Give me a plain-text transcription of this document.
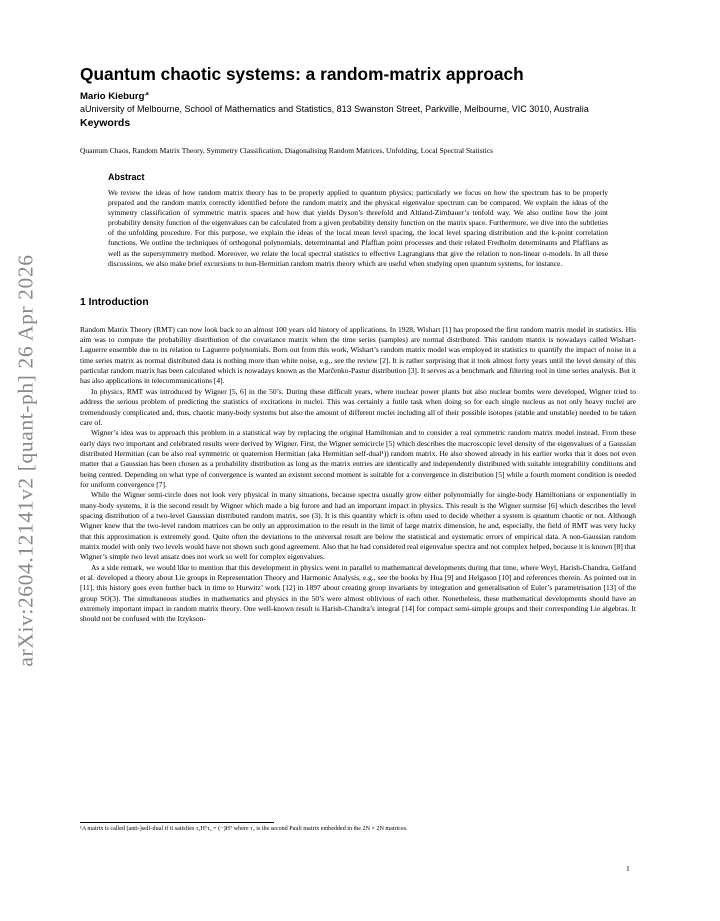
arXiv:2604.12141v2 [quant-ph] 26 Apr 2026
Quantum chaotic systems: a random-matrix approach
Mario Kieburg$^{,a}$
aUniversity of Melbourne, School of Mathematics and Statistics, 813 Swanston Street, Parkville, Melbourne, VIC 3010, Australia
Keywords
Quantum Chaos, Random Matrix Theory, Symmetry Classification, Diagonalising Random Matrices, Unfolding, Local Spectral Statistics
Abstract

We review the ideas of how random matrix theory has to be properly applied to quantum physics; particularly we focus on how the spectrum has to be properly prepared and the random matrix correctly identified before the random matrix and the physical eigenvalue spectrum can be compared. We explain the ideas of the symmetry classification of symmetric matrix spaces and how that yields Dyson’s threefold and Altland-Zirnbauer’s tenfold way. We also outline how the joint probability density function of the eigenvalues can be calculated from a given probability density function on the matrix space. Furthermore, we dive into the subtleties of the unfolding procedure. For this purpose, we explain the ideas of the local mean level spacing, the local level spacing distribution and the k-point correlation functions. We outline the techniques of orthogonal polynomials, determinantal and Pfaffian point processes and their related Fredholm determinants and Pfaffians as well as the supersymmetry method. Moreover, we relate the local spectral statistics to effective Lagrangians that give the relation to non-linear σ-models. In all these discussions, we also make brief excursions to non-Hermitian random matrix theory which are useful when studying open quantum systems, for instance.

1 Introduction

Random Matrix Theory (RMT) can now look back to an almost 100 years old history of applications. In 1928, Wishart [1] has proposed the first random matrix model in statistics. His aim was to compute the probability distribution of the covariance matrix when the time series (samples) are normal distributed. This random matrix is nowadays called Wishart-Laguerre ensemble due to its relation to Laguerre polynomials. Born out from this work, Wishart’s random matrix model was employed in statistics to quantify the impact of noise in a time series matrix as normal distributed data is nothing more than white noise, e.g., see the review [2]. It is rather surprising that it took almost forty years until the level density of this particular random matrix has been calculated which is nowadays known as the Marčenko-Pastur distribution [3]. It serves as a benchmark and filtering tool in time series analysis. But it has also applications in telecommunications [4].

In physics, RMT was introduced by Wigner [5, 6] in the 50’s. During these difficult years, where nuclear power plants but also nuclear bombs were developed, Wigner tried to address the serious problem of predicting the statistics of excitations in nuclei. This was certainly a futile task when doing so for each single nucleus as not only heavy nuclei are tremendously complicated and, thus, chaotic many-body systems but also the amount of different nuclei including all of their possible isotopes (stable and unstable) needed to be taken care of.

Wigner’s idea was to approach this problem in a statistical way by replacing the original Hamiltonian and to consider a real symmetric random matrix model instead. From these early days two important and celebrated results were derived by Wigner. First, the Wigner semicircle [5] which describes the macroscopic level density of the eigenvalues of a Gaussian distributed Hermitian (can be also real symmetric or quaternion Hermitian (aka Hermitian self-dual¹)) random matrix. He also showed already in his earlier works that it does not even matter that a Gaussian has been chosen as a probability distribution as long as the matrix entries are identically and independently distributed with suitable integrability conditions and being centred. Depending on what type of convergence is wanted an existent second moment is suitable for a convergence in distribution [5] while a fourth moment condition is needed for uniform convergence [7].

While the Wigner semi-circle does not look very physical in many situations, because spectra usually grow either polynomially for single-body Hamiltonians or exponentially in many-body systems, it is the second result by Wigner which made a big furore and had an important impact in physics. This result is the Wigner surmise [6] which describes the level spacing distribution of a two-level Gaussian distributed random matrix, see (3). It is this quantity which is often used to decide whether a system is quantum chaotic or not. Although Wigner knew that the two-level random matrices can be only an approximation to the result in the limit of large matrix dimension, he and, especially, the field of RMT was very lucky that this approximation is extremely good. Quite often the deviations to the universal result are below the statistical and systematic errors of empirical data. A non-Gaussian random matrix model with only two levels would have not shown such good agreement. Also that he had considered real eigenvalue spectra and not complex helped, because it is known [8] that Wigner’s simple two level ansatz does not work so well for complex eigenvalues.

As a side remark, we would like to mention that this development in physics went in parallel to mathematical developments during that time, where Weyl, Harish-Chandra, Gelfand et al. developed a theory about Lie groups in Representation Theory and Harmonic Analysis, e.g., see the books by Hua [9] and Helgason [10] and references therein. As pointed out in [11], this history goes even further back in time to Hurwitz’ work [12] in 1897 about creating group invariants by integration and generalisation of Euler’s parametrisation [13] of the group SO(3). The simultaneous studies in mathematics and physics in the 50’s were almost oblivious of each other. Nonetheless, these mathematical developments should have an extremely important impact in random matrix theory. One well-known result is Harish-Chandra’s integral [14] for compact semi-simple groups and their corresponding Lie algebras. It should not be confused with the Itzykson-

¹A matrix is called (anti-)self-dual if it satisfies τ₂Hᵀτ₂ = (−)Hᵀ where τ₂ is the second Pauli matrix embedded in the 2N × 2N matrices.
1
